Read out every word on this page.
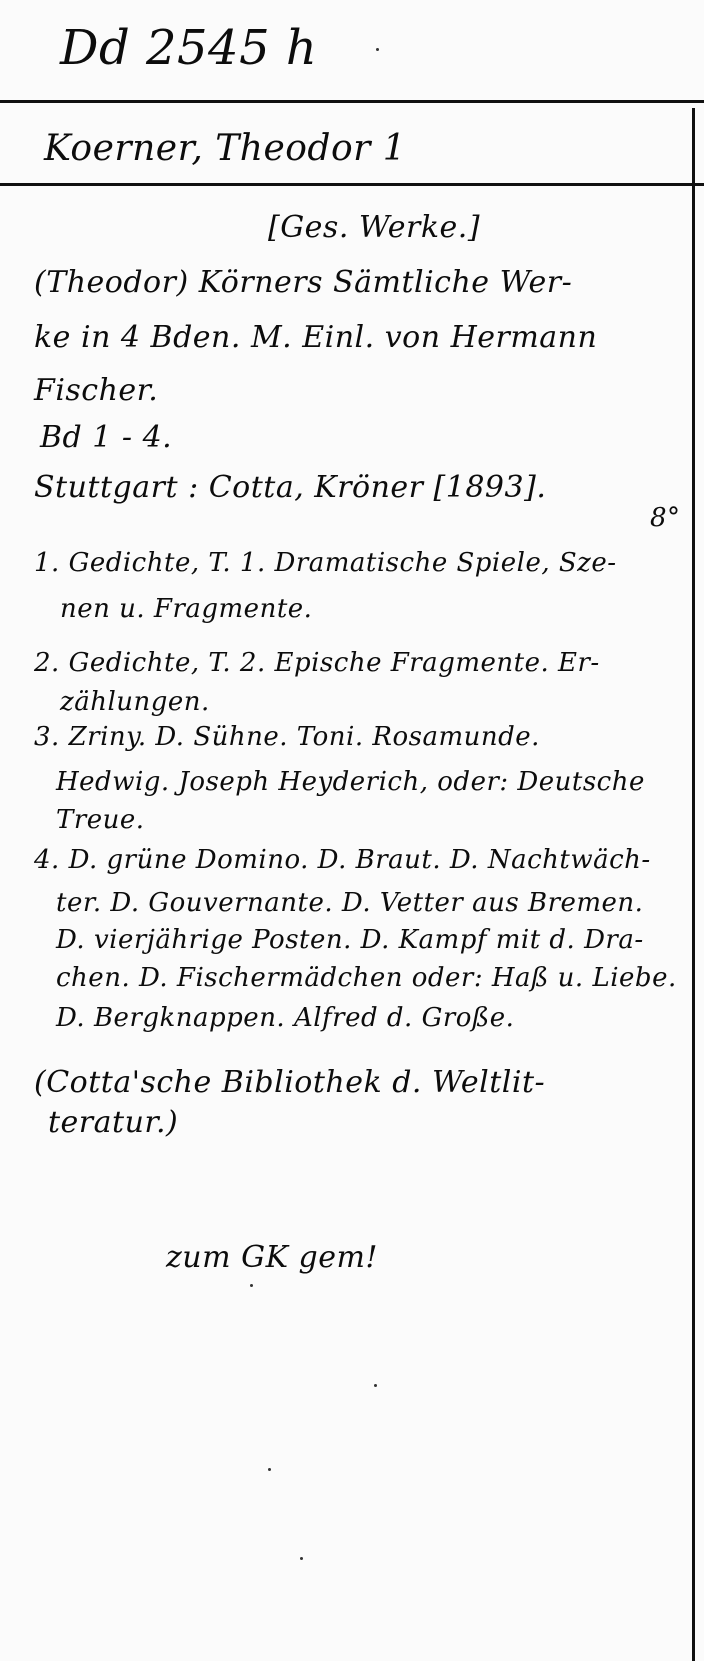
Dd 2545 h
Koerner, Theodor 1
[Ges. Werke.]
(Theodor) Körners Sämtliche Wer-
ke in 4 Bden. M. Einl. von Hermann
Fischer.
Bd 1 - 4.
Stuttgart : Cotta, Kröner [1893].
8°
1. Gedichte, T. 1. Dramatische Spiele, Sze-
nen u. Fragmente.
2. Gedichte, T. 2. Epische Fragmente. Er-
zählungen.
3. Zriny. D. Sühne. Toni. Rosamunde.
Hedwig. Joseph Heyderich, oder: Deutsche
Treue.
4. D. grüne Domino. D. Braut. D. Nachtwäch-
ter. D. Gouvernante. D. Vetter aus Bremen.
D. vierjährige Posten. D. Kampf mit d. Dra-
chen. D. Fischermädchen oder: Haß u. Liebe.
D. Bergknappen. Alfred d. Große.
(Cotta'sche Bibliothek d. Weltlit-
teratur.)
zum GK gem!
